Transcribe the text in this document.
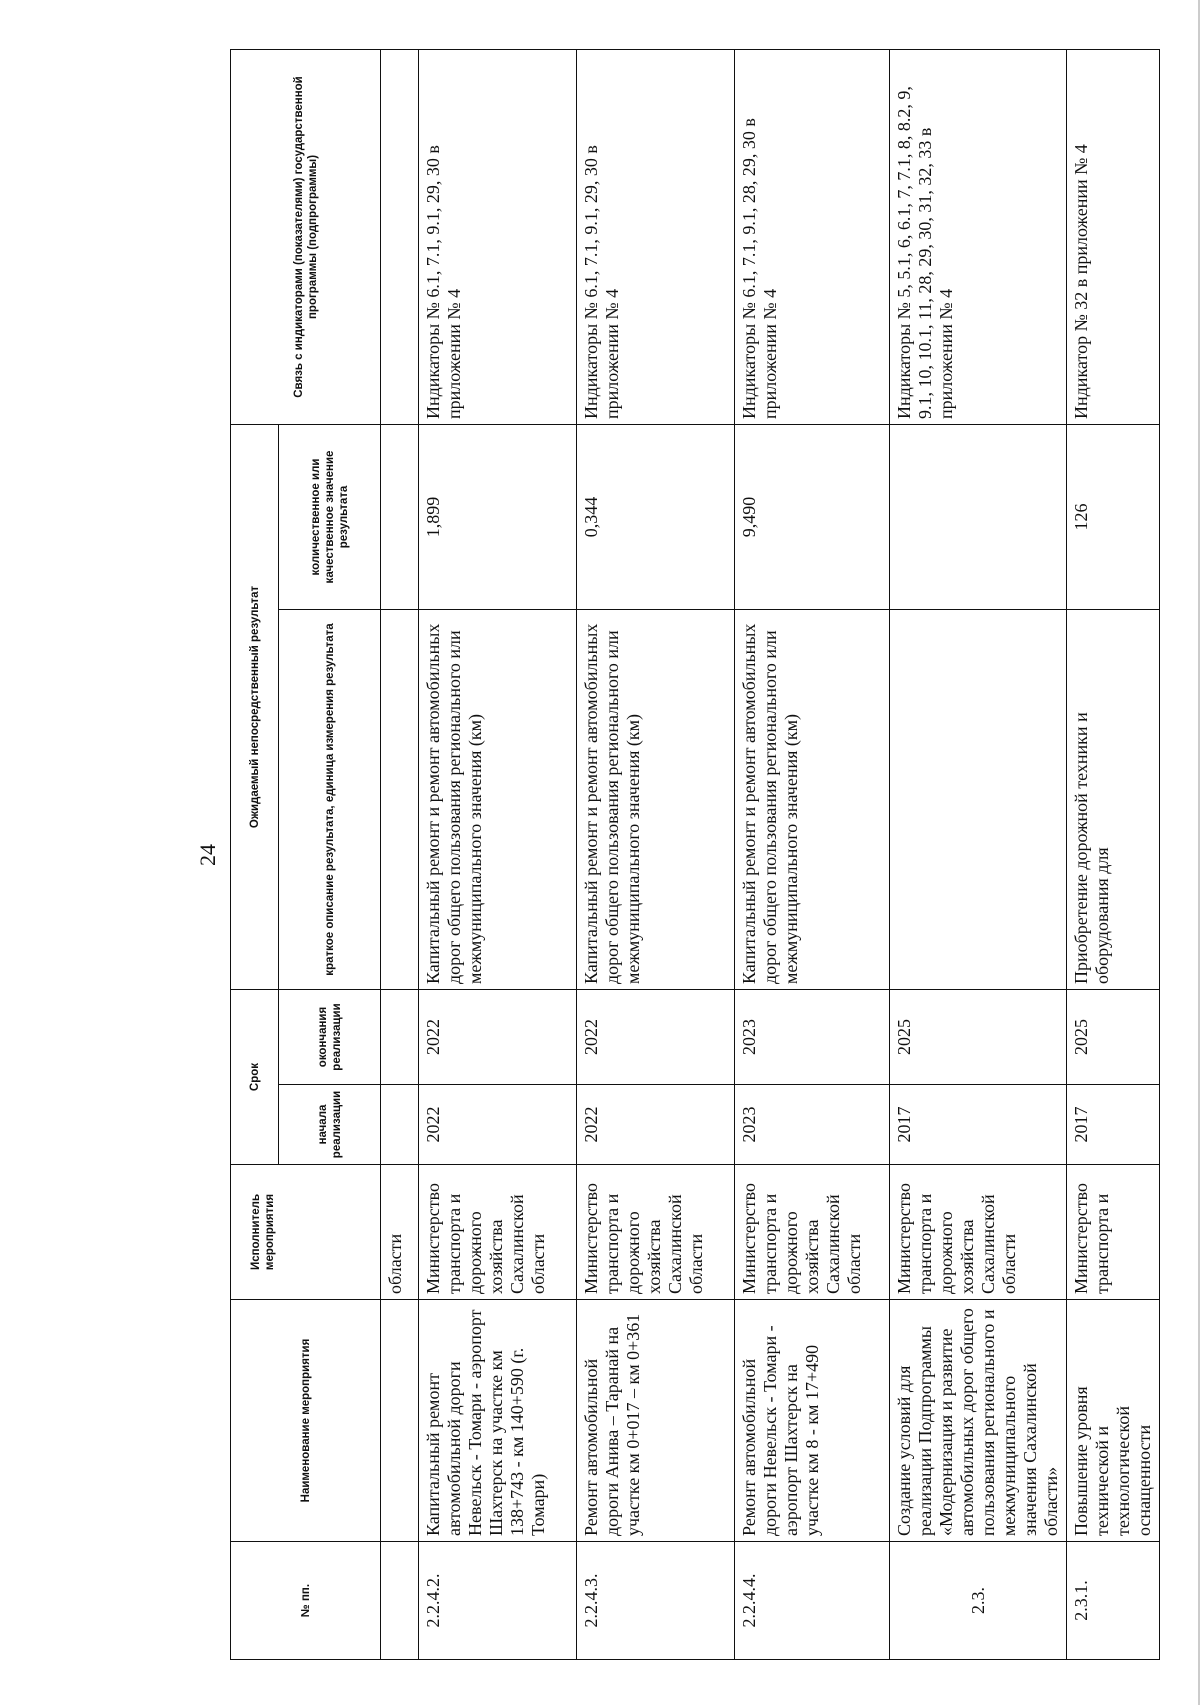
24
№ пп.	Наименование мероприятия	Исполнитель мероприятия	Срок		Ожидаемый непосредственный результат		Связь с индикаторами (показателями) государственной программы (подпрограммы)
			начала реализации	окончания реализации	краткое описание результата, единица измерения результата	количественное или качественное значение результата	
		области					
2.2.4.2.	Капитальный ремонт автомобильной дороги Невельск - Томари - аэропорт Шахтерск на участке км 138+743 - км 140+590 (г. Томари)	Министерство транспорта и дорожного хозяйства Сахалинской области	2022	2022	Капитальный ремонт и ремонт автомобильных дорог общего пользования регионального или межмуниципального значения (км)	1,899	Индикаторы № 6.1, 7.1, 9.1, 29, 30 в приложении № 4
2.2.4.3.	Ремонт автомобильной дороги Анива – Таранай на участке км 0+017 – км 0+361	Министерство транспорта и дорожного хозяйства Сахалинской области	2022	2022	Капитальный ремонт и ремонт автомобильных дорог общего пользования регионального или межмуниципального значения (км)	0,344	Индикаторы № 6.1, 7.1, 9.1, 29, 30 в приложении № 4
2.2.4.4.	Ремонт автомобильной дороги Невельск - Томари - аэропорт Шахтерск на участке км 8 - км 17+490	Министерство транспорта и дорожного хозяйства Сахалинской области	2023	2023	Капитальный ремонт и ремонт автомобильных дорог общего пользования регионального или межмуниципального значения (км)	9,490	Индикаторы № 6.1, 7.1, 9.1, 28, 29, 30 в приложении № 4
2.3.	Создание условий для реализации Подпрограммы «Модернизация и развитие автомобильных дорог общего пользования регионального и межмуниципального значения Сахалинской области»	Министерство транспорта и дорожного хозяйства Сахалинской области	2017	2025			Индикаторы № 5, 5.1, 6, 6.1, 7, 7.1, 8, 8.2, 9, 9.1, 10, 10.1, 11, 28, 29, 30, 31, 32, 33 в приложении № 4
2.3.1.	Повышение уровня технической и технологической оснащенности	Министерство транспорта и	2017	2025	Приобретение дорожной техники и оборудования для	126	Индикатор № 32 в приложении № 4
